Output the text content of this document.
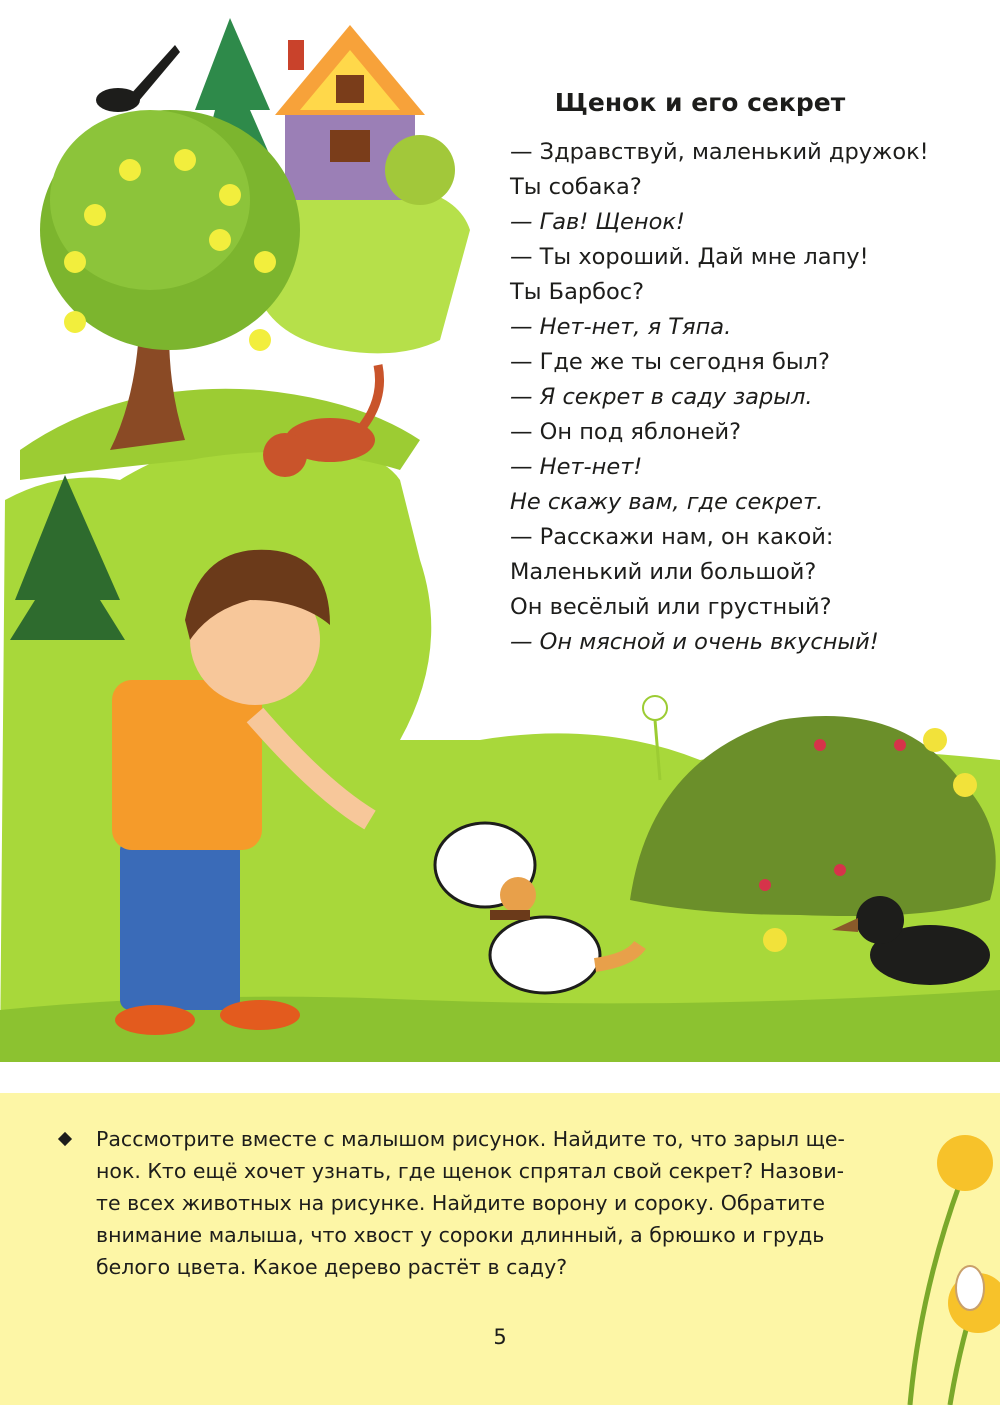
Щенок и его секрет
— Здравствуй, маленький дружок!
Ты собака?
— Гав! Щенок!
— Ты хороший. Дай мне лапу!
Ты Барбос?
— Нет-нет, я Тяпа.
— Где же ты сегодня был?
— Я секрет в саду зарыл.
— Он под яблоней?
— Нет-нет!
Не скажу вам, где секрет.
— Расскажи нам, он какой:
Маленький или большой?
Он весёлый или грустный?
— Он мясной и очень вкусный!
Рассмотрите вместе с малышом рисунок. Найдите то, что зарыл ще-
нок. Кто ещё хочет узнать, где щенок спрятал свой секрет? Назови-
те всех животных на рисунке. Найдите ворону и сороку. Обратите
внимание малыша, что хвост у сороки длинный, а брюшко и грудь
белого цвета. Какое дерево растёт в саду?
5
